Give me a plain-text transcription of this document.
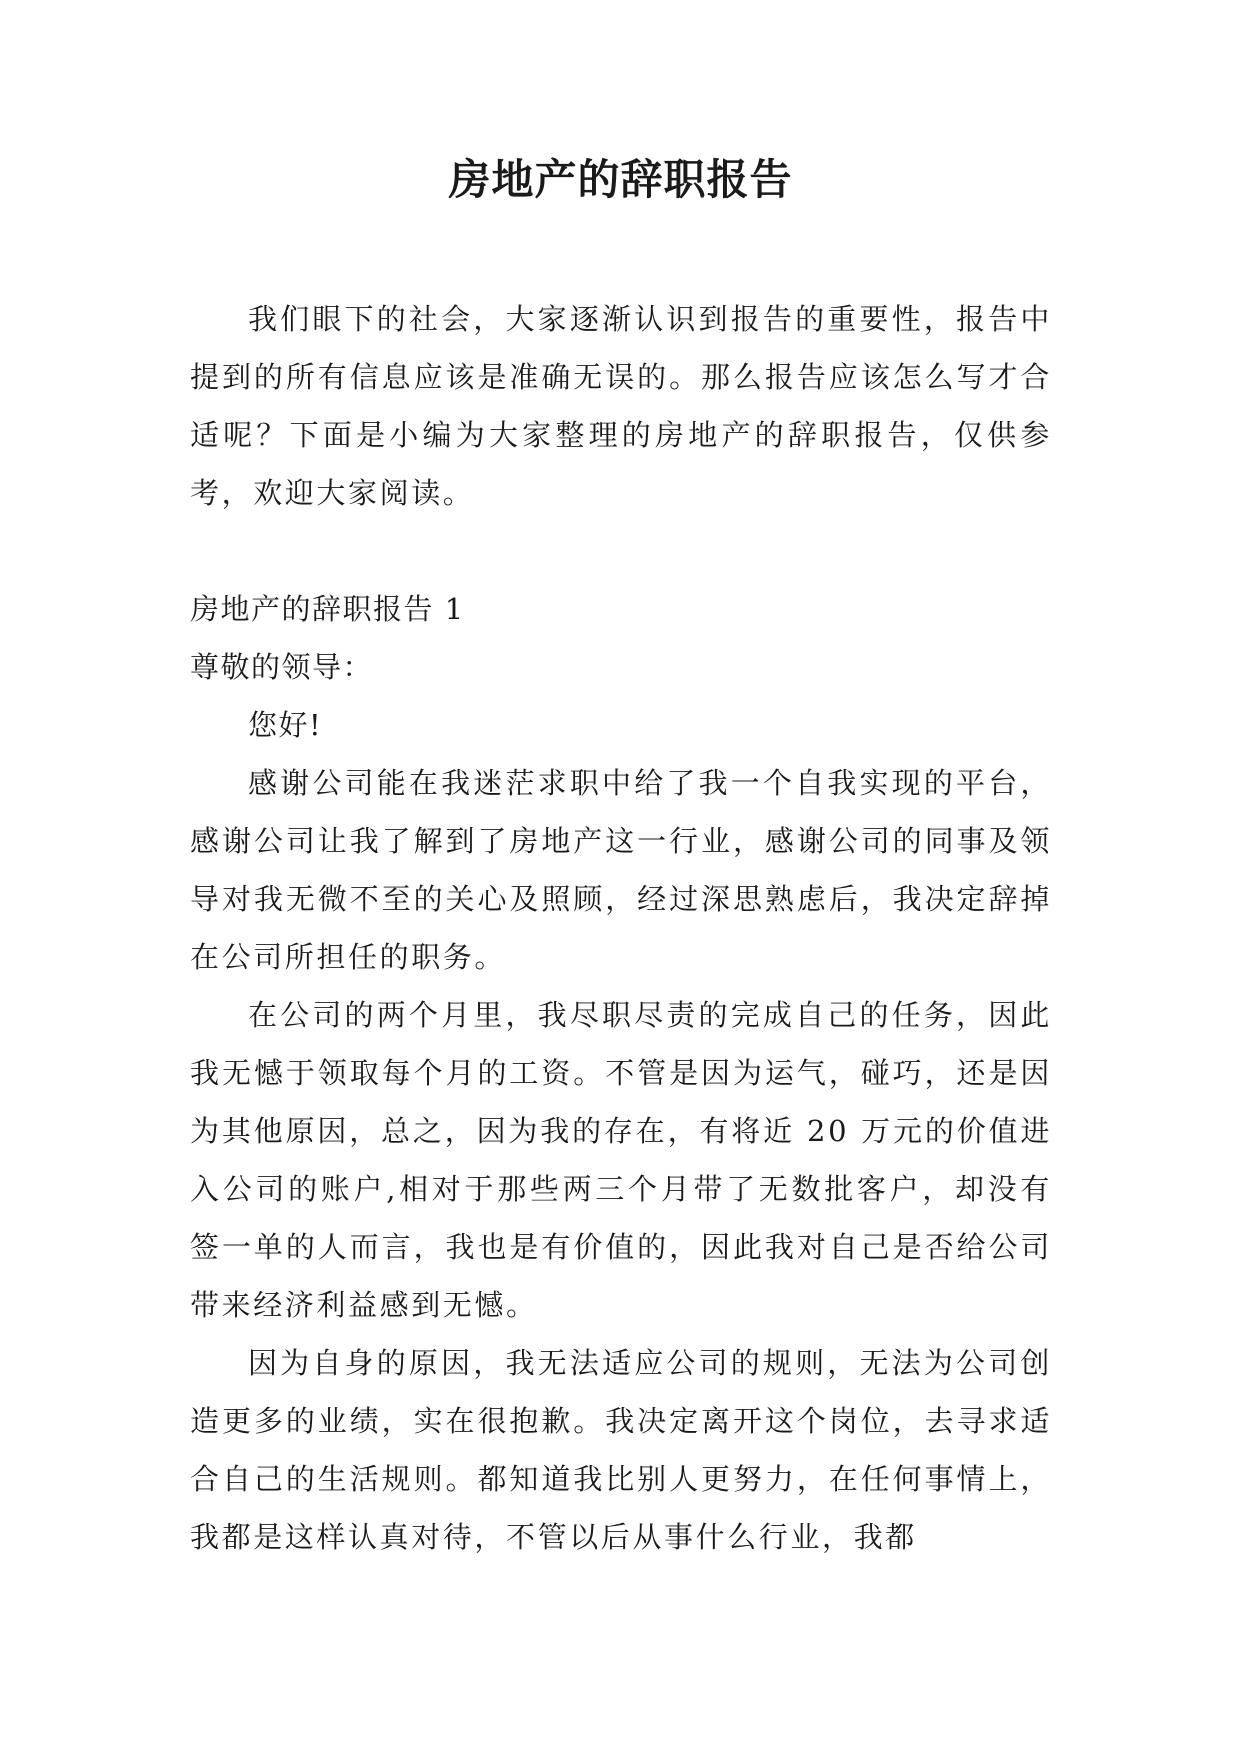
房地产的辞职报告

我们眼下的社会，大家逐渐认识到报告的重要性，报告中提到的所有信息应该是准确无误的。那么报告应该怎么写才合适呢？下面是小编为大家整理的房地产的辞职报告，仅供参考，欢迎大家阅读。

房地产的辞职报告 1

尊敬的领导：

您好!

感谢公司能在我迷茫求职中给了我一个自我实现的平台，感谢公司让我了解到了房地产这一行业，感谢公司的同事及领导对我无微不至的关心及照顾，经过深思熟虑后，我决定辞掉在公司所担任的职务。

在公司的两个月里，我尽职尽责的完成自己的任务，因此我无憾于领取每个月的工资。不管是因为运气，碰巧，还是因为其他原因，总之，因为我的存在，有将近 20 万元的价值进入公司的账户,相对于那些两三个月带了无数批客户，却没有签一单的人而言，我也是有价值的，因此我对自己是否给公司带来经济利益感到无憾。

因为自身的原因，我无法适应公司的规则，无法为公司创造更多的业绩，实在很抱歉。我决定离开这个岗位，去寻求适合自己的生活规则。都知道我比别人更努力，在任何事情上，我都是这样认真对待，不管以后从事什么行业，我都
